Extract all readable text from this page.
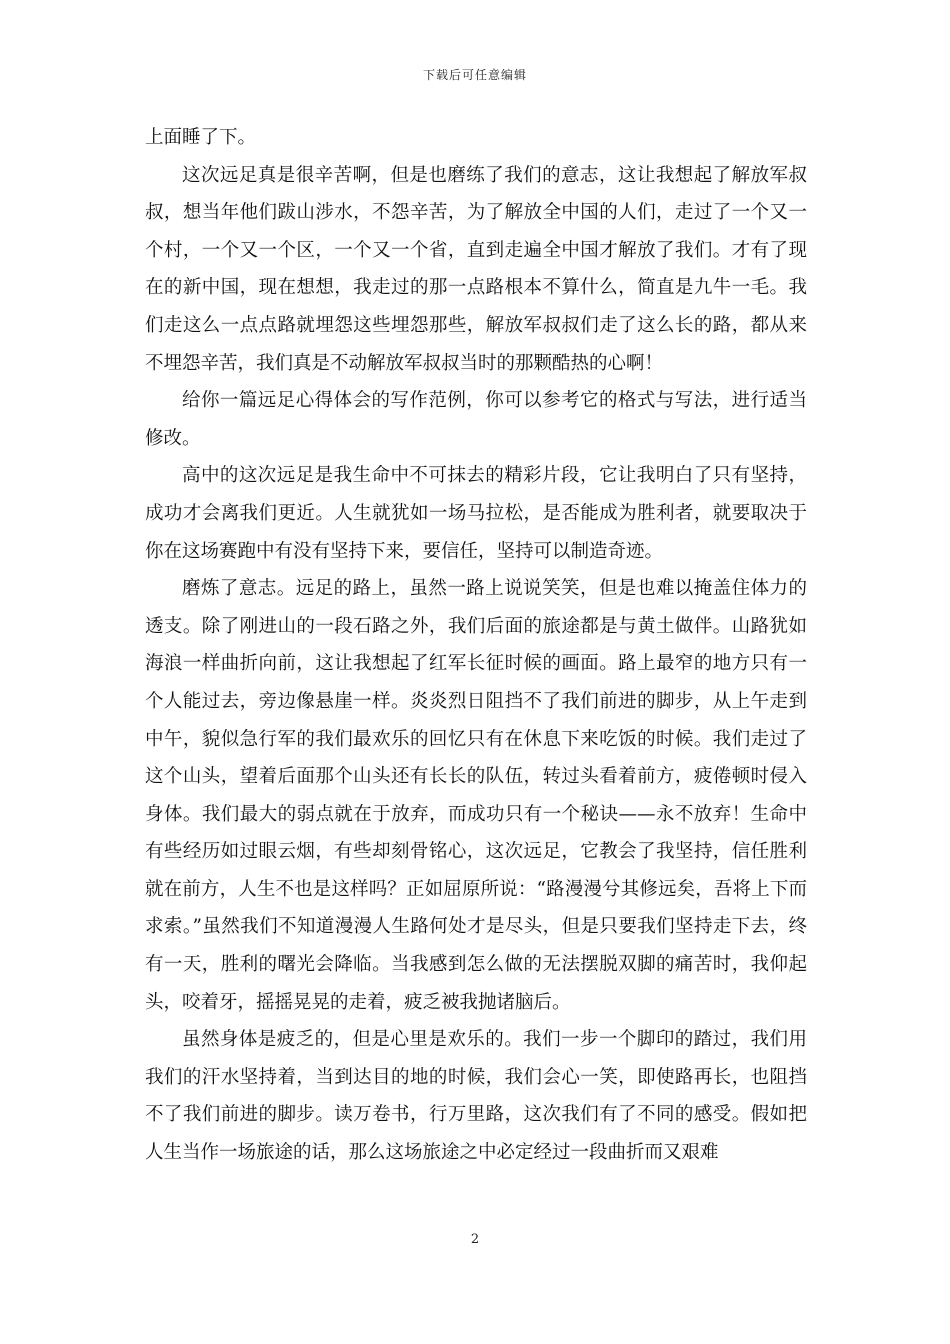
下载后可任意编辑

上面睡了下。

这次远足真是很辛苦啊，但是也磨练了我们的意志，这让我想起了解放军叔叔，想当年他们跋山涉水，不怨辛苦，为了解放全中国的人们，走过了一个又一个村，一个又一个区，一个又一个省，直到走遍全中国才解放了我们。才有了现在的新中国，现在想想，我走过的那一点路根本不算什么，简直是九牛一毛。我们走这么一点点路就埋怨这些埋怨那些，解放军叔叔们走了这么长的路，都从来不埋怨辛苦，我们真是不动解放军叔叔当时的那颗酷热的心啊！

给你一篇远足心得体会的写作范例，你可以参考它的格式与写法，进行适当修改。

高中的这次远足是我生命中不可抹去的精彩片段，它让我明白了只有坚持，成功才会离我们更近。人生就犹如一场马拉松，是否能成为胜利者，就要取决于你在这场赛跑中有没有坚持下来，要信任，坚持可以制造奇迹。

磨炼了意志。远足的路上，虽然一路上说说笑笑，但是也难以掩盖住体力的透支。除了刚进山的一段石路之外，我们后面的旅途都是与黄土做伴。山路犹如海浪一样曲折向前，这让我想起了红军长征时候的画面。路上最窄的地方只有一个人能过去，旁边像悬崖一样。炎炎烈日阻挡不了我们前进的脚步，从上午走到中午，貌似急行军的我们最欢乐的回忆只有在休息下来吃饭的时候。我们走过了这个山头，望着后面那个山头还有长长的队伍，转过头看着前方，疲倦顿时侵入身体。我们最大的弱点就在于放弃，而成功只有一个秘诀——永不放弃！生命中有些经历如过眼云烟，有些却刻骨铭心，这次远足，它教会了我坚持，信任胜利就在前方，人生不也是这样吗？正如屈原所说：“路漫漫兮其修远矣，吾将上下而求索。”虽然我们不知道漫漫人生路何处才是尽头，但是只要我们坚持走下去，终有一天，胜利的曙光会降临。当我感到怎么做的无法摆脱双脚的痛苦时，我仰起头，咬着牙，摇摇晃晃的走着，疲乏被我抛诸脑后。

虽然身体是疲乏的，但是心里是欢乐的。我们一步一个脚印的踏过，我们用我们的汗水坚持着，当到达目的地的时候，我们会心一笑，即使路再长，也阻挡不了我们前进的脚步。读万卷书，行万里路，这次我们有了不同的感受。假如把人生当作一场旅途的话，那么这场旅途之中必定经过一段曲折而又艰难

2
